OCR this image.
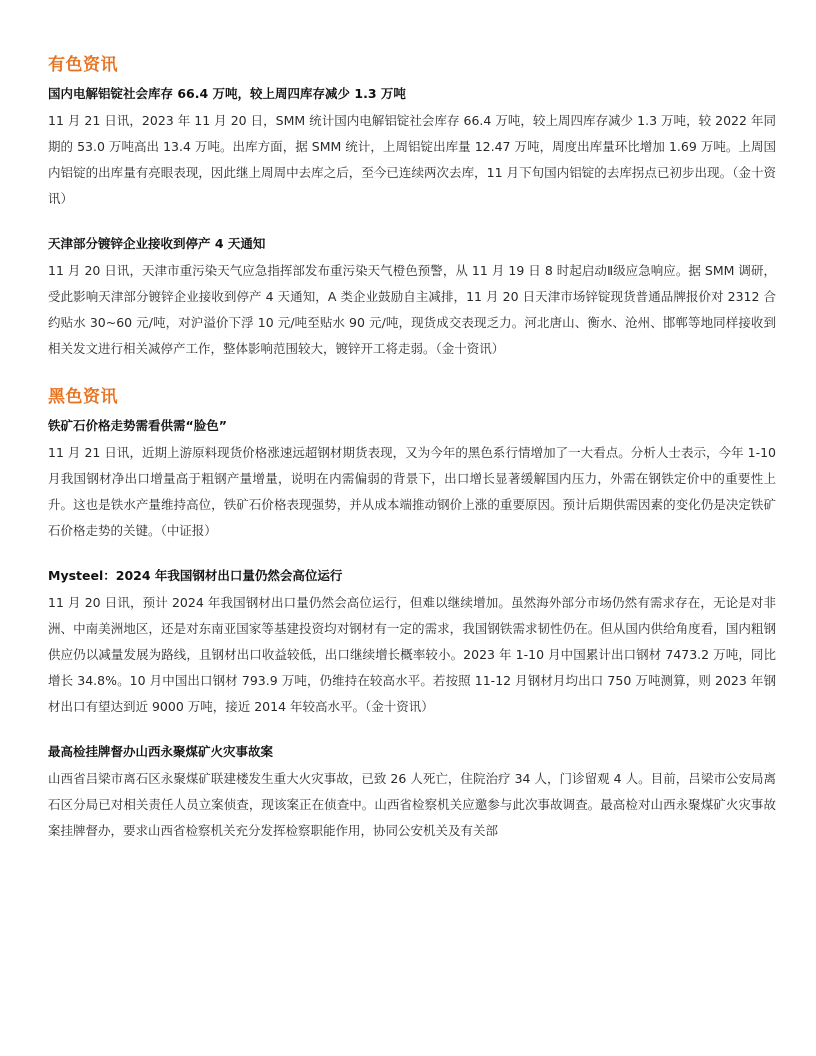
有色资讯
国内电解铝锭社会库存 66.4 万吨，较上周四库存减少 1.3 万吨

11 月 21 日讯，2023 年 11 月 20 日，SMM 统计国内电解铝锭社会库存 66.4 万吨，较上周四库存减少 1.3 万吨，较 2022 年同期的 53.0 万吨高出 13.4 万吨。出库方面，据 SMM 统计，上周铝锭出库量 12.47 万吨，周度出库量环比增加 1.69 万吨。上周国内铝锭的出库量有亮眼表现，因此继上周周中去库之后，至今已连续两次去库，11 月下旬国内铝锭的去库拐点已初步出现。（金十资讯）

天津部分镀锌企业接收到停产 4 天通知

11 月 20 日讯，天津市重污染天气应急指挥部发布重污染天气橙色预警，从 11 月 19 日 8 时起启动Ⅱ级应急响应。据 SMM 调研，受此影响天津部分镀锌企业接收到停产 4 天通知，A 类企业鼓励自主减排，11 月 20 日天津市场锌锭现货普通品牌报价对 2312 合约贴水 30~60 元/吨，对沪溢价下浮 10 元/吨至贴水 90 元/吨，现货成交表现乏力。河北唐山、衡水、沧州、邯郸等地同样接收到相关发文进行相关减停产工作，整体影响范围较大，镀锌开工将走弱。（金十资讯）

黑色资讯
铁矿石价格走势需看供需“脸色”

11 月 21 日讯，近期上游原料现货价格涨速远超钢材期货表现，又为今年的黑色系行情增加了一大看点。分析人士表示，今年 1-10 月我国钢材净出口增量高于粗钢产量增量，说明在内需偏弱的背景下，出口增长显著缓解国内压力，外需在钢铁定价中的重要性上升。这也是铁水产量维持高位，铁矿石价格表现强势，并从成本端推动钢价上涨的重要原因。预计后期供需因素的变化仍是决定铁矿石价格走势的关键。（中证报）

Mysteel：2024 年我国钢材出口量仍然会高位运行

11 月 20 日讯，预计 2024 年我国钢材出口量仍然会高位运行，但难以继续增加。虽然海外部分市场仍然有需求存在，无论是对非洲、中南美洲地区，还是对东南亚国家等基建投资均对钢材有一定的需求，我国钢铁需求韧性仍在。但从国内供给角度看，国内粗钢供应仍以减量发展为路线，且钢材出口收益较低，出口继续增长概率较小。2023 年 1-10 月中国累计出口钢材 7473.2 万吨，同比增长 34.8%。10 月中国出口钢材 793.9 万吨，仍维持在较高水平。若按照 11-12 月钢材月均出口 750 万吨测算，则 2023 年钢材出口有望达到近 9000 万吨，接近 2014 年较高水平。（金十资讯）

最高检挂牌督办山西永聚煤矿火灾事故案

山西省吕梁市离石区永聚煤矿联建楼发生重大火灾事故，已致 26 人死亡，住院治疗 34 人，门诊留观 4 人。目前，吕梁市公安局离石区分局已对相关责任人员立案侦查，现该案正在侦查中。山西省检察机关应邀参与此次事故调查。最高检对山西永聚煤矿火灾事故案挂牌督办，要求山西省检察机关充分发挥检察职能作用，协同公安机关及有关部
